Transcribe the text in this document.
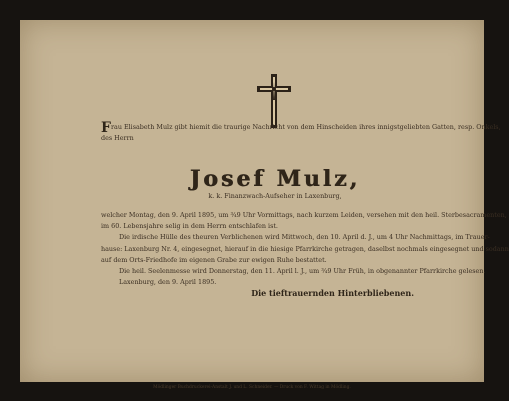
Frau Elisabeth Mulz gibt hiemit die traurige Nachricht von dem Hinscheiden ihres innigstgeliebten Gatten, resp. Onkels,
des Herrn
Josef Mulz,
k. k. Finanzwach-Aufseher in Laxenburg,
welcher Montag, den 9. April 1895, um ¾9 Uhr Vormittags, nach kurzem Leiden, versehen mit den heil. Sterbesacramenten,
im 60. Lebensjahre selig in dem Herrn entschlafen ist.
Die irdische Hülle des theuren Verblichenen wird Mittwoch, den 10. April d. J., um 4 Uhr Nachmittags, im Trauer-
hause: Laxenburg Nr. 4, eingesegnet, hierauf in die hiesige Pfarrkirche getragen, daselbst nochmals eingesegnet und sodann
auf dem Orts-Friedhofe im eigenen Grabe zur ewigen Ruhe bestattet.
Die heil. Seelenmesse wird Donnerstag, den 11. April l. J., um ¾9 Uhr Früh, in obgenannter Pfarrkirche gelesen.
Laxenburg, den 9. April 1895.
Die tieftrauernden Hinterbliebenen.
Mödlinger Buchdruckerei-Anstalt J. und L. Schneider. — Druck von F. Wittag in Mödling.
